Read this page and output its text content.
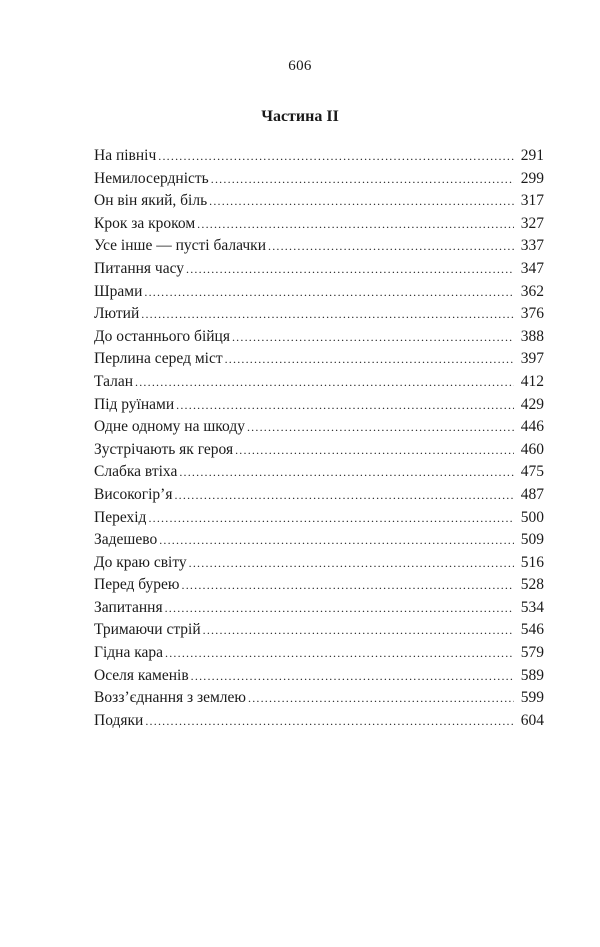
606
Частина II
На північ .....	291
Немилосердність .....	299
Он він який, біль .....	317
Крок за кроком .....	327
Усе інше — пусті балачки .....	337
Питання часу .....	347
Шрами .....	362
Лютий .....	376
До останнього бійця .....	388
Перлина серед міст .....	397
Талан .....	412
Під руїнами .....	429
Одне одному на шкоду .....	446
Зустрічають як героя .....	460
Слабка втіха .....	475
Високогір’я .....	487
Перехід .....	500
Задешево .....	509
До краю світу .....	516
Перед бурею .....	528
Запитання .....	534
Тримаючи стрій .....	546
Гідна кара .....	579
Оселя каменів .....	589
Возз’єднання з землею .....	599
Подяки .....	604
